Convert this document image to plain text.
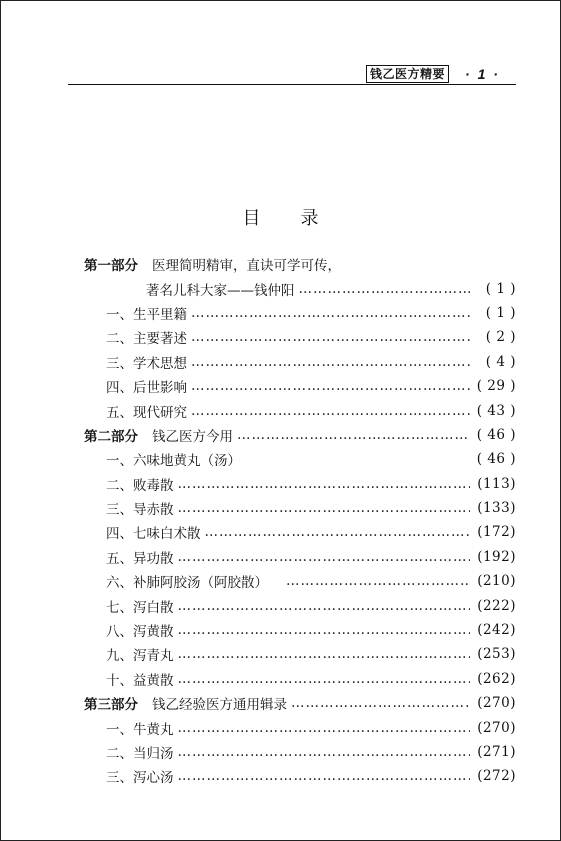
钱乙医方精要 · 1 ·
目录
第一部分 医理简明精审，直诀可学可传，
著名儿科大家——钱仲阳 …………………………………………………………………………………………………………	( 1 )
一、生平里籍 …………………………………………………………………………………………………………	( 1 )
二、主要著述 …………………………………………………………………………………………………………	( 2 )
三、学术思想 …………………………………………………………………………………………………………	( 4 )
四、后世影响 …………………………………………………………………………………………………………	( 29 )
五、现代研究 …………………………………………………………………………………………………………	( 43 )
第二部分 钱乙医方今用 …………………………………………………………………………………………………………	( 46 )
一、六味地黄丸（汤）	( 46 )
二、败毒散 …………………………………………………………………………………………………………	(113)
三、导赤散 …………………………………………………………………………………………………………	(133)
四、七味白术散 …………………………………………………………………………………………………………	(172)
五、异功散 …………………………………………………………………………………………………………	(192)
六、补肺阿胶汤（阿胶散） …………………………………………………………………………………………………………	(210)
七、泻白散 …………………………………………………………………………………………………………	(222)
八、泻黄散 …………………………………………………………………………………………………………	(242)
九、泻青丸 …………………………………………………………………………………………………………	(253)
十、益黄散 …………………………………………………………………………………………………………	(262)
第三部分 钱乙经验医方通用辑录 …………………………………………………………………………………………………………	(270)
一、牛黄丸 …………………………………………………………………………………………………………	(270)
二、当归汤 …………………………………………………………………………………………………………	(271)
三、泻心汤 …………………………………………………………………………………………………………	(272)
